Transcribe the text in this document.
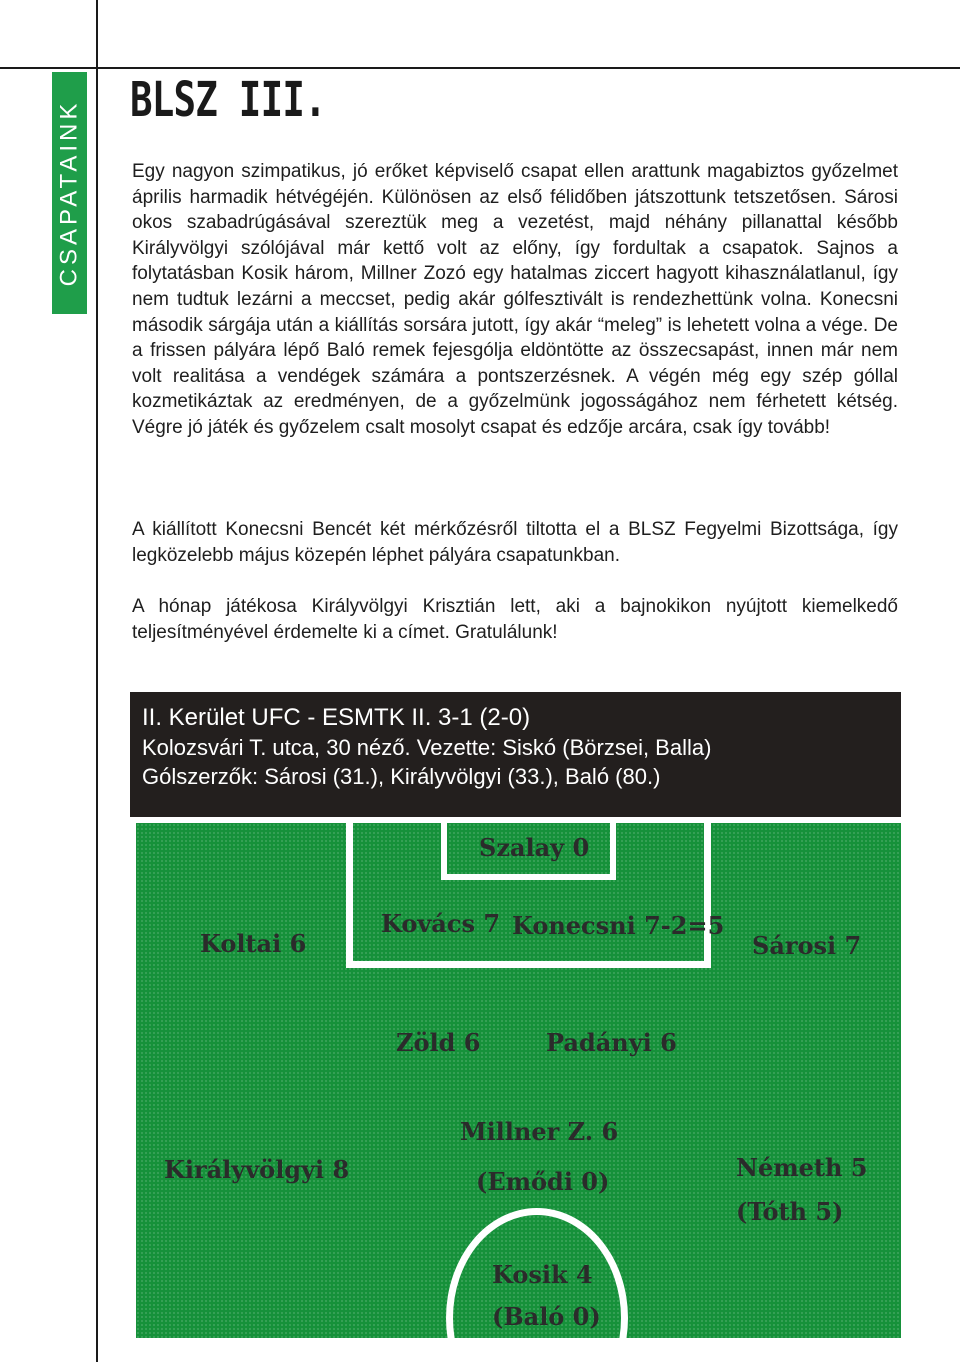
CSAPATAINK BLSZ III.

Egy nagyon szimpatikus, jó erőket képviselő csapat ellen arattunk magabiztos győzelmet április harmadik hétvégéjén. Különösen az első félidőben játszottunk tetszetősen. Sárosi okos szabadrúgásával szereztük meg a vezetést, majd néhány pillanattal később Királyvölgyi szólójával már kettő volt az előny, így fordultak a csapatok. Sajnos a folytatásban Kosik három, Millner Zozó egy hatalmas ziccert hagyott kihasználatlanul, így nem tudtuk lezárni a meccset, pedig akár gólfesztivált is rendezhettünk volna. Konecsni második sárgája után a kiállítás sorsára jutott, így akár “meleg” is lehetett volna a vége. De a frissen pályára lépő Baló remek fejesgólja eldöntötte az összecsapást, innen már nem volt realitása a vendégek számára a pontszerzésnek. A végén még egy szép góllal kozmetikáztak az eredményen, de a győzelmünk jogosságához nem férhetett kétség. Végre jó játék és győzelem csalt mosolyt csapat és edzője arcára, csak így tovább!

A kiállított Konecsni Bencét két mérkőzésről tiltotta el a BLSZ Fegyelmi Bizottsága, így legközelebb május közepén léphet pályára csapatunkban.

A hónap játékosa Királyvölgyi Krisztián lett, aki a bajnokikon nyújtott kiemelkedő teljesítményével érdemelte ki a címet. Gratulálunk!

II. Kerület UFC - ESMTK II. 3-1 (2-0)
Kolozsvári T. utca, 30 néző. Vezette: Siskó (Börzsei, Balla)
Gólszerzők: Sárosi (31.), Királyvölgyi (33.), Baló (80.)
Szalay 0
Kovács 7 Konecsni 7-2=5
Koltai 6	Sárosi 7
Zöld 6	Padányi 6
Millner Z. 6
(Emődi 0)
Királyvölgyi 8	Németh 5
(Tóth 5)
Kosik 4
(Baló 0)
